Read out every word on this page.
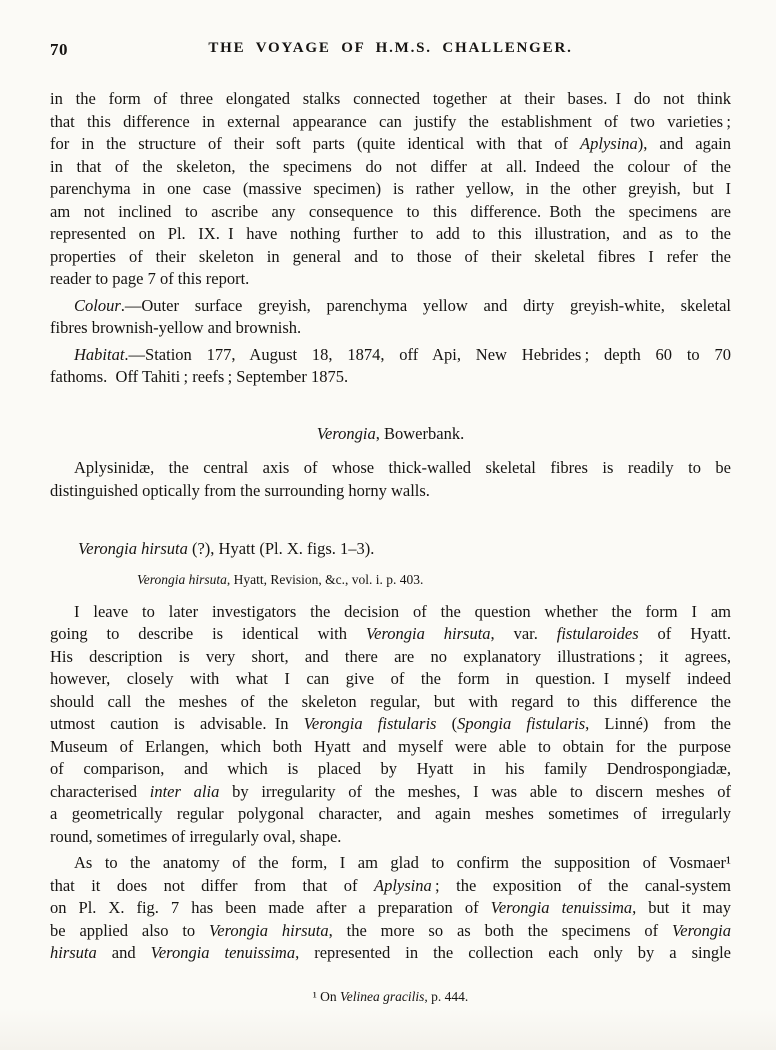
70	THE VOYAGE OF H.M.S. CHALLENGER.
in the form of three elongated stalks connected together at their bases. I do not think
that this difference in external appearance can justify the establishment of two varieties ;
for in the structure of their soft parts (quite identical with that of Aplysina), and again
in that of the skeleton, the specimens do not differ at all. Indeed the colour of the
parenchyma in one case (massive specimen) is rather yellow, in the other greyish, but I
am not inclined to ascribe any consequence to this difference. Both the specimens are
represented on Pl. IX. I have nothing further to add to this illustration, and as to the
properties of their skeleton in general and to those of their skeletal fibres I refer the
reader to page 7 of this report.
Colour.—Outer surface greyish, parenchyma yellow and dirty greyish-white, skeletal
fibres brownish-yellow and brownish.
Habitat.—Station 177, August 18, 1874, off Api, New Hebrides ; depth 60 to 70
fathoms. Off Tahiti ; reefs ; September 1875.
Verongia, Bowerbank.
Aplysinidæ, the central axis of whose thick-walled skeletal fibres is readily to be
distinguished optically from the surrounding horny walls.
Verongia hirsuta (?), Hyatt (Pl. X. figs. 1–3).
Verongia hirsuta, Hyatt, Revision, &c., vol. i. p. 403.
I leave to later investigators the decision of the question whether the form I am
going to describe is identical with Verongia hirsuta, var. fistularoides of Hyatt.
His description is very short, and there are no explanatory illustrations ; it agrees,
however, closely with what I can give of the form in question. I myself indeed
should call the meshes of the skeleton regular, but with regard to this difference the
utmost caution is advisable. In Verongia fistularis (Spongia fistularis, Linné) from the
Museum of Erlangen, which both Hyatt and myself were able to obtain for the purpose
of comparison, and which is placed by Hyatt in his family Dendrospongiadæ,
characterised inter alia by irregularity of the meshes, I was able to discern meshes of
a geometrically regular polygonal character, and again meshes sometimes of irregularly
round, sometimes of irregularly oval, shape.
As to the anatomy of the form, I am glad to confirm the supposition of Vosmaer¹
that it does not differ from that of Aplysina ; the exposition of the canal-system
on Pl. X. fig. 7 has been made after a preparation of Verongia tenuissima, but it may
be applied also to Verongia hirsuta, the more so as both the specimens of Verongia
hirsuta and Verongia tenuissima, represented in the collection each only by a single
¹ On Velinea gracilis, p. 444.
